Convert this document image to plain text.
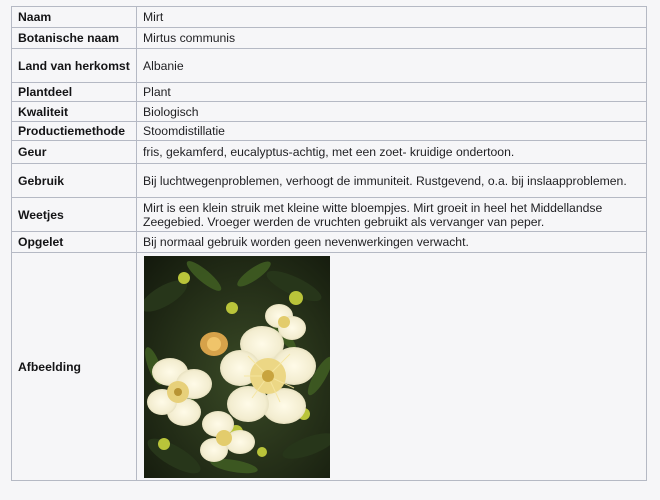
Naam	Mirt
Botanische naam	Mirtus communis
Land van herkomst	Albanie
Plantdeel	Plant
Kwaliteit	Biologisch
Productiemethode	Stoomdistillatie
Geur	fris, gekamferd, eucalyptus-achtig, met een zoet- kruidige ondertoon.
Gebruik	Bij luchtwegenproblemen, verhoogt de immuniteit. Rustgevend, o.a. bij inslaapproblemen.
Weetjes	Mirt is een klein struik met kleine witte bloempjes. Mirt groeit in heel het Middellandse Zeegebied. Vroeger werden de vruchten gebruikt als vervanger van peper.
Opgelet	Bij normaal gebruik worden geen nevenwerkingen verwacht.
Afbeelding	
